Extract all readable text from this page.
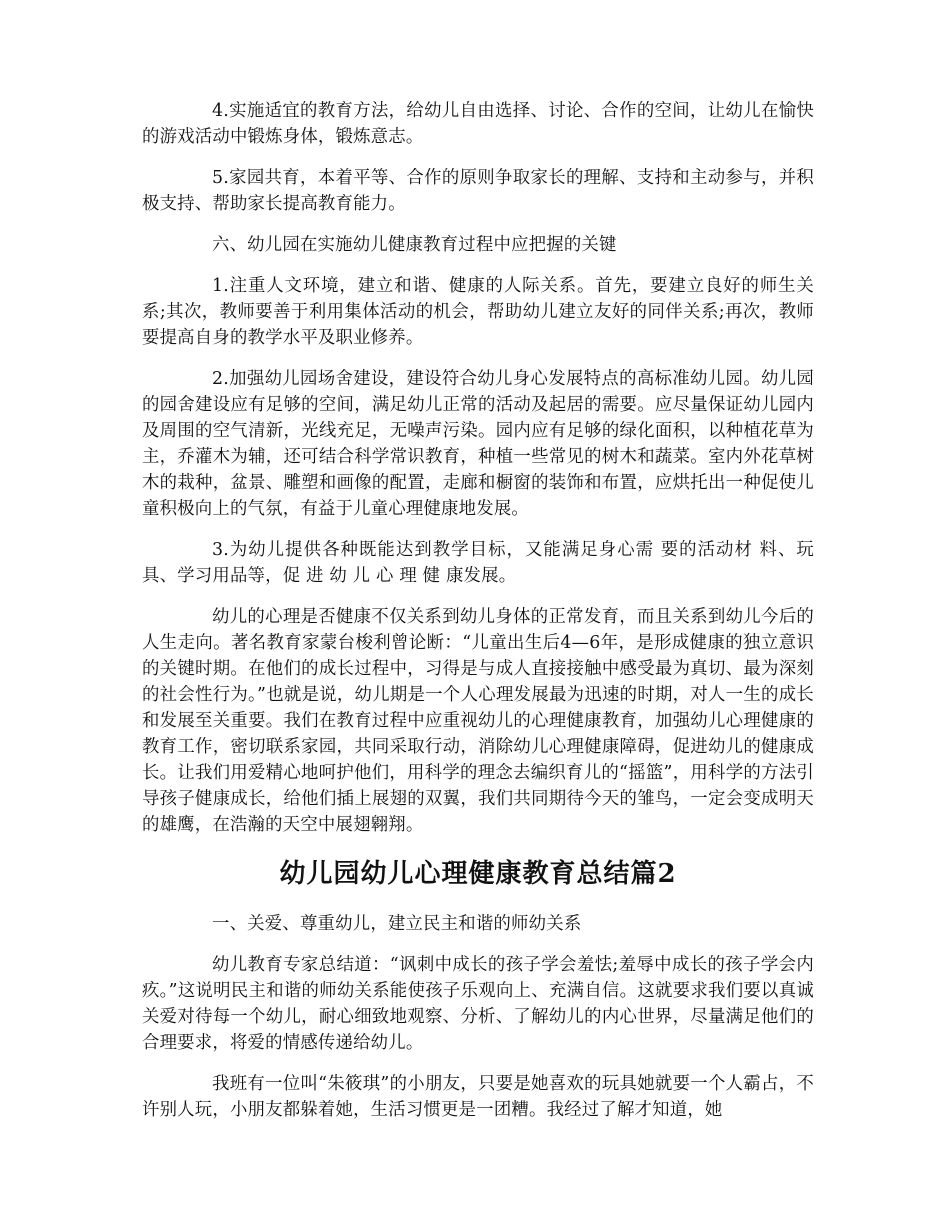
4.实施适宜的教育方法，给幼儿自由选择、讨论、合作的空间，让幼儿在愉快的游戏活动中锻炼身体，锻炼意志。

5.家园共育，本着平等、合作的原则争取家长的理解、支持和主动参与，并积极支持、帮助家长提高教育能力。

六、幼儿园在实施幼儿健康教育过程中应把握的关键

1.注重人文环境，建立和谐、健康的人际关系。首先，要建立良好的师生关系;其次，教师要善于利用集体活动的机会，帮助幼儿建立友好的同伴关系;再次，教师要提高自身的教学水平及职业修养。

2.加强幼儿园场舍建设，建设符合幼儿身心发展特点的高标准幼儿园。幼儿园的园舍建设应有足够的空间，满足幼儿正常的活动及起居的需要。应尽量保证幼儿园内及周围的空气清新，光线充足，无噪声污染。园内应有足够的绿化面积，以种植花草为主，乔灌木为辅，还可结合科学常识教育，种植一些常见的树木和蔬菜。室内外花草树木的栽种，盆景、雕塑和画像的配置，走廊和橱窗的装饰和布置，应烘托出一种促使儿童积极向上的气氛，有益于儿童心理健康地发展。

3.为幼儿提供各种既能达到教学目标，又能满足身心需 要的活动材 料、玩具、学习用品等，促 进 幼 儿 心 理 健 康发展。

幼儿的心理是否健康不仅关系到幼儿身体的正常发育，而且关系到幼儿今后的人生走向。著名教育家蒙台梭利曾论断：“儿童出生后4—6年，是形成健康的独立意识的关键时期。在他们的成长过程中，习得是与成人直接接触中感受最为真切、最为深刻的社会性行为。”也就是说，幼儿期是一个人心理发展最为迅速的时期，对人一生的成长和发展至关重要。我们在教育过程中应重视幼儿的心理健康教育，加强幼儿心理健康的教育工作，密切联系家园，共同采取行动，消除幼儿心理健康障碍，促进幼儿的健康成长。让我们用爱精心地呵护他们，用科学的理念去编织育儿的“摇篮”，用科学的方法引导孩子健康成长，给他们插上展翅的双翼，我们共同期待今天的雏鸟，一定会变成明天的雄鹰，在浩瀚的天空中展翅翱翔。

幼儿园幼儿心理健康教育总结篇2

一、关爱、尊重幼儿，建立民主和谐的师幼关系

幼儿教育专家总结道：“讽刺中成长的孩子学会羞怯;羞辱中成长的孩子学会内疚。”这说明民主和谐的师幼关系能使孩子乐观向上、充满自信。这就要求我们要以真诚关爱对待每一个幼儿，耐心细致地观察、分析、了解幼儿的内心世界，尽量满足他们的合理要求，将爱的情感传递给幼儿。

我班有一位叫“朱筱琪”的小朋友，只要是她喜欢的玩具她就要一个人霸占，不许别人玩，小朋友都躲着她，生活习惯更是一团糟。我经过了解才知道，她
